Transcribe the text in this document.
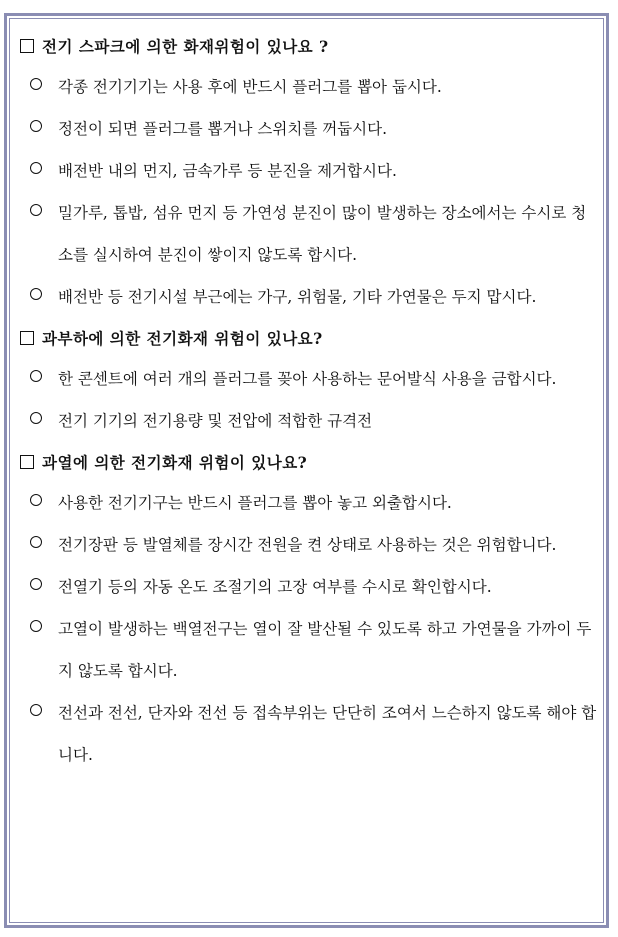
전기 스파크에 의한 화재위험이 있나요 ?
각종 전기기기는 사용 후에 반드시 플러그를 뽑아 둡시다.
정전이 되면 플러그를 뽑거나 스위치를 꺼둡시다.
배전반 내의 먼지, 금속가루 등 분진을 제거합시다.
밀가루, 톱밥, 섬유 먼지 등 가연성 분진이 많이 발생하는 장소에서는 수시로 청소를 실시하여 분진이 쌓이지 않도록 합시다.
배전반 등 전기시설 부근에는 가구, 위험물, 기타 가연물은 두지 맙시다.
과부하에 의한 전기화재 위험이 있나요?
한 콘센트에 여러 개의 플러그를 꽂아 사용하는 문어발식 사용을 금합시다.
전기 기기의 전기용량 및 전압에 적합한 규격전
과열에 의한 전기화재 위험이 있나요?
사용한 전기기구는 반드시 플러그를 뽑아 놓고 외출합시다.
전기장판 등 발열체를 장시간 전원을 켠 상태로 사용하는 것은 위험합니다.
전열기 등의 자동 온도 조절기의 고장 여부를 수시로 확인합시다.
고열이 발생하는 백열전구는 열이 잘 발산될 수 있도록 하고 가연물을 가까이 두지 않도록 합시다.
전선과 전선, 단자와 전선 등 접속부위는 단단히 조여서 느슨하지 않도록 해야 합니다.
